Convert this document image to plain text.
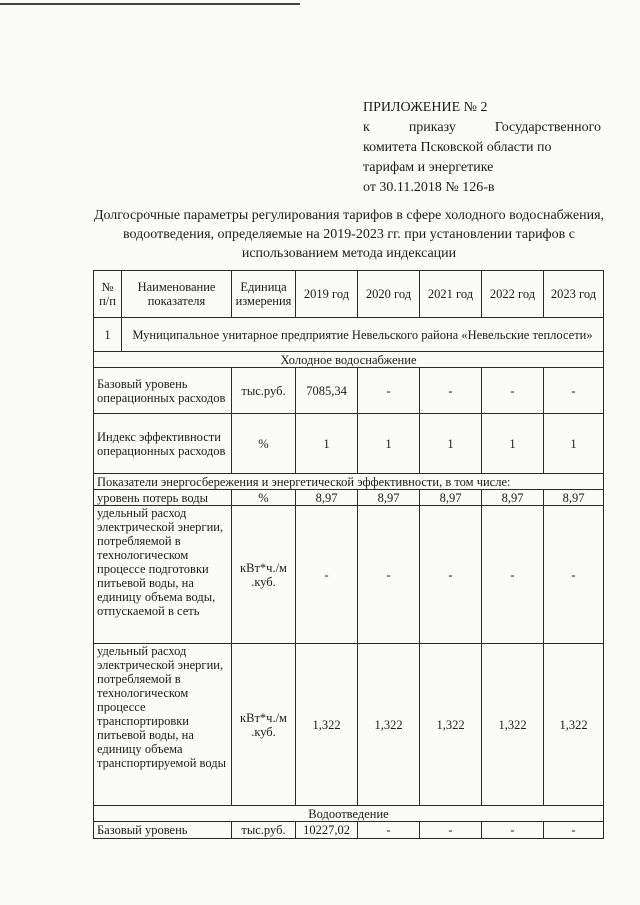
ПРИЛОЖЕНИЕ № 2
к	приказу	Государственного
комитета Псковской области по
тарифам и энергетике
от 30.11.2018 № 126-в
Долгосрочные параметры регулирования тарифов в сфере холодного водоснабжения, водоотведения, определяемые на 2019-2023 гг. при установлении тарифов с использованием метода индексации
№ п/п	Наименование показателя	Единица измерения	2019 год	2020 год	2021 год	2022 год	2023 год
1	Муниципальное унитарное предприятие Невельского района «Невельские теплосети»						
Холодное водоснабжение							
Базовый уровень операционных расходов		тыс.руб.	7085,34	-	-	-	-
Индекс эффективности операционных расходов		%	1	1	1	1	1
Показатели энергосбережения и энергетической эффективности, в том числе:							
уровень потерь воды		%	8,97	8,97	8,97	8,97	8,97
удельный расход электрической энергии, потребляемой в технологическом процессе подготовки питьевой воды, на единицу объема воды, отпускаемой в сеть		кВт*ч./м .куб.	-	-	-	-	-
удельный расход электрической энергии, потребляемой в технологическом процессе транспортировки питьевой воды, на единицу объема транспортируемой воды		кВт*ч./м .куб.	1,322	1,322	1,322	1,322	1,322
Водоотведение							
Базовый уровень		тыс.руб.	10227,02	-	-	-	-
